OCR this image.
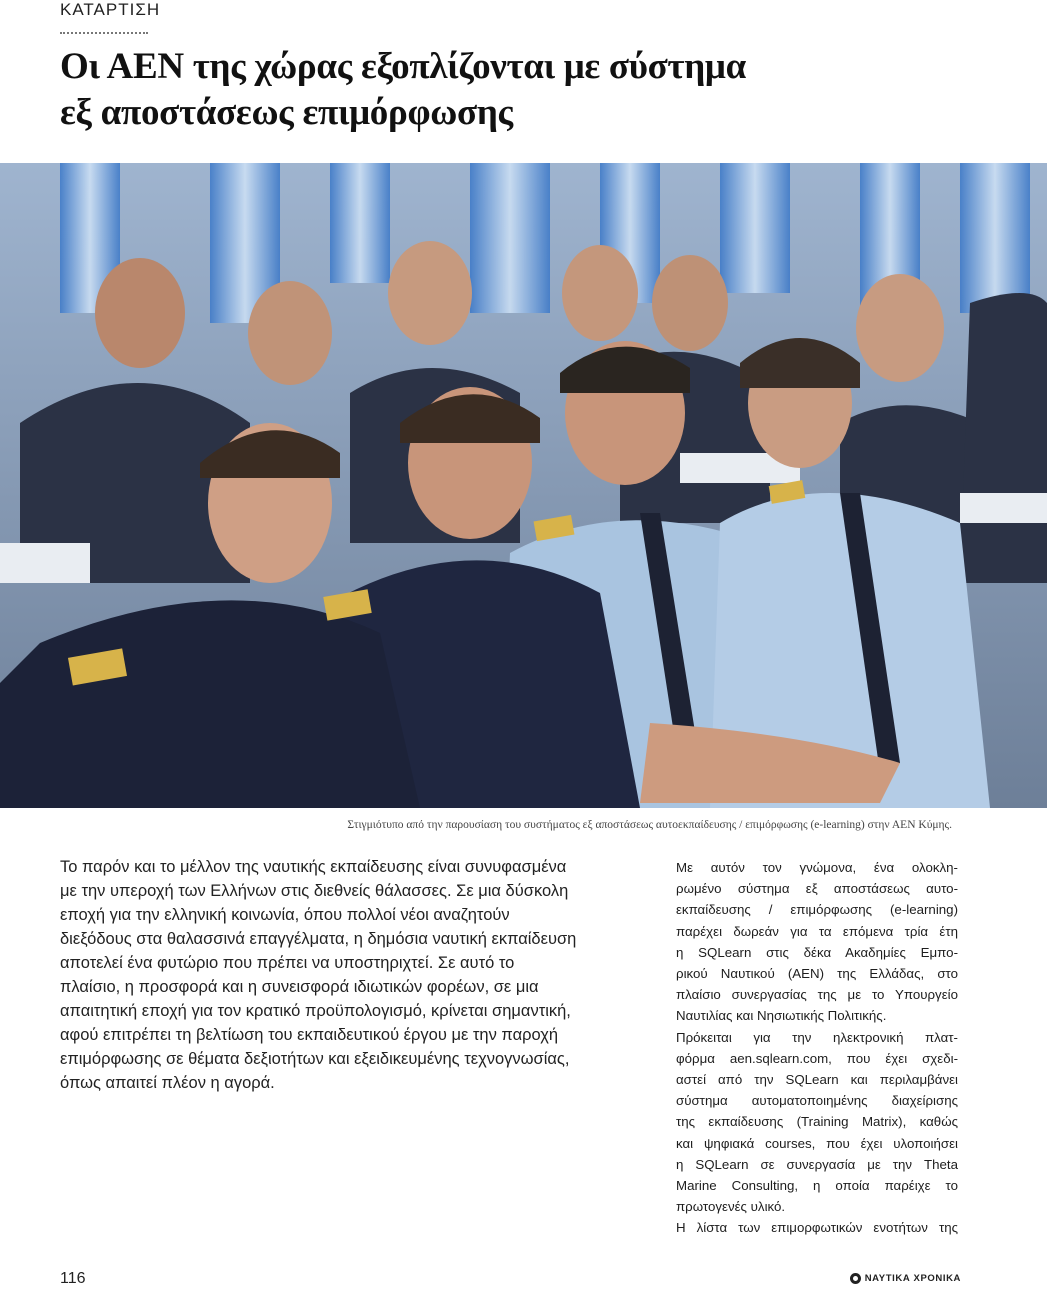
ΚΑΤΑΡΤΙΣΗ
Οι ΑΕΝ της χώρας εξοπλίζονται με σύστημα
εξ αποστάσεως επιμόρφωσης
Στιγμιότυπο από την παρουσίαση του συστήματος εξ αποστάσεως αυτοεκπαίδευσης / επιμόρφωσης (e-learning) στην ΑΕΝ Κύμης.
Το παρόν και το μέλλον της ναυτικής εκπαίδευσης είναι συνυφασμένα
με την υπεροχή των Ελλήνων στις διεθνείς θάλασσες. Σε μια δύσκολη
εποχή για την ελληνική κοινωνία, όπου πολλοί νέοι αναζητούν
διεξόδους στα θαλασσινά επαγγέλματα, η δημόσια ναυτική εκπαίδευση
αποτελεί ένα φυτώριο που πρέπει να υποστηριχτεί. Σε αυτό το
πλαίσιο, η προσφορά και η συνεισφορά ιδιωτικών φορέων, σε μια
απαιτητική εποχή για τον κρατικό προϋπολογισμό, κρίνεται σημαντική,
αφού επιτρέπει τη βελτίωση του εκπαιδευτικού έργου με την παροχή
επιμόρφωσης σε θέματα δεξιοτήτων και εξειδικευμένης τεχνογνωσίας,
όπως απαιτεί πλέον η αγορά.
Με αυτόν τον γνώμονα, ένα ολοκλη-
ρωμένο σύστημα εξ αποστάσεως αυτο-
εκπαίδευσης / επιμόρφωσης (e-learning)
παρέχει δωρεάν για τα επόμενα τρία έτη
η SQLearn στις δέκα Ακαδημίες Εμπο-
ρικού Ναυτικού (ΑΕΝ) της Ελλάδας, στο
πλαίσιο συνεργασίας της με το Υπουργείο
Ναυτιλίας και Νησιωτικής Πολιτικής.
Πρόκειται για την ηλεκτρονική πλατ-
φόρμα aen.sqlearn.com, που έχει σχεδι-
αστεί από την SQLearn και περιλαμβάνει
σύστημα αυτοματοποιημένης διαχείρισης
της εκπαίδευσης (Training Matrix), καθώς
και ψηφιακά courses, που έχει υλοποιήσει
η SQLearn σε συνεργασία με την Theta
Marine Consulting, η οποία παρέιχε το
πρωτογενές υλικό.
Η λίστα των επιμορφωτικών ενοτήτων της
116	ΝΑΥΤΙΚΑ ΧΡΟΝΙΚΑ
